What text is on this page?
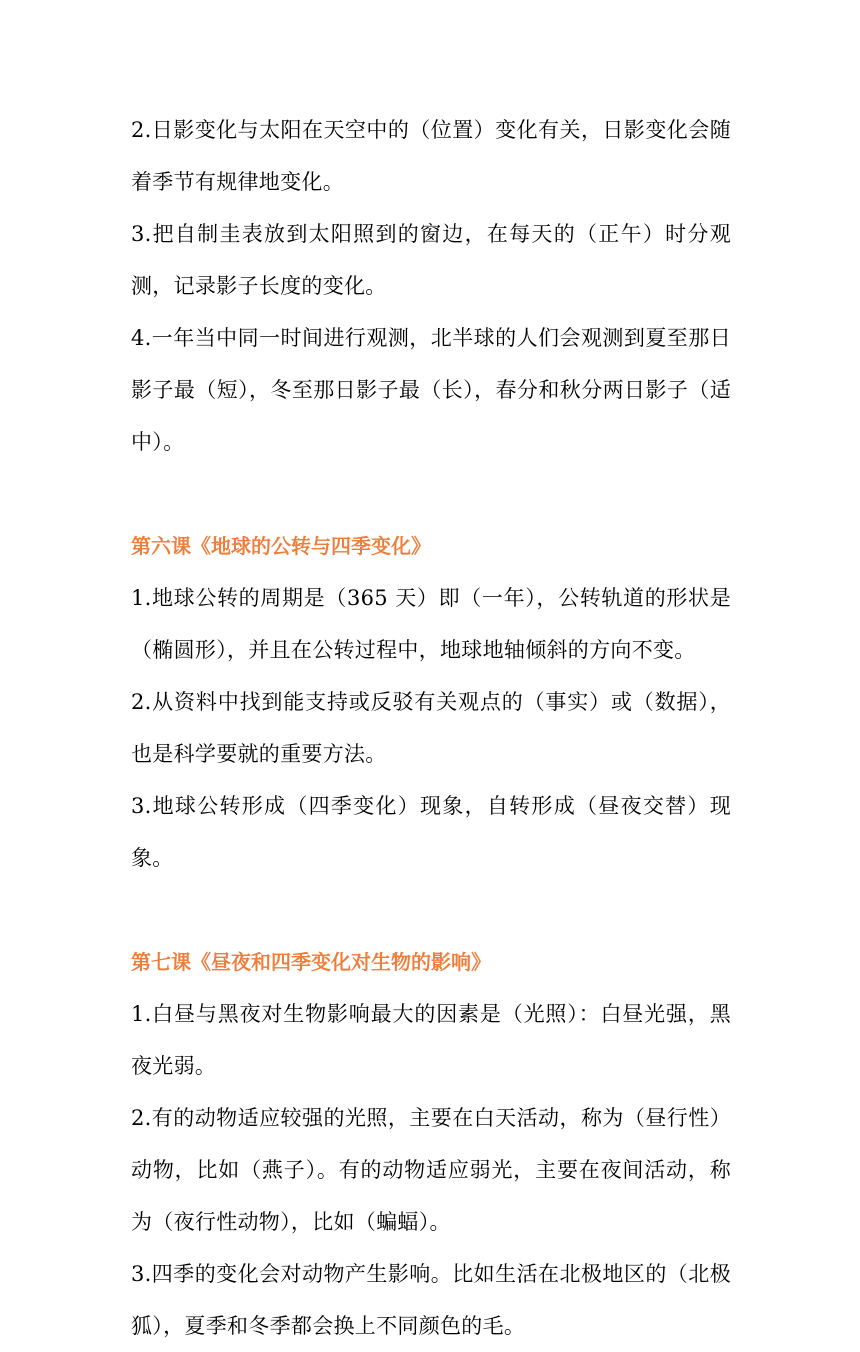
2.日影变化与太阳在天空中的（位置）变化有关，日影变化会随着季节有规律地变化。

3.把自制圭表放到太阳照到的窗边，在每天的（正午）时分观测，记录影子长度的变化。

4.一年当中同一时间进行观测，北半球的人们会观测到夏至那日影子最（短），冬至那日影子最（长），春分和秋分两日影子（适中）。

第六课《地球的公转与四季变化》

1.地球公转的周期是（365 天）即（一年），公转轨道的形状是（椭圆形），并且在公转过程中，地球地轴倾斜的方向不变。

2.从资料中找到能支持或反驳有关观点的（事实）或（数据），也是科学要就的重要方法。

3.地球公转形成（四季变化）现象，自转形成（昼夜交替）现象。

第七课《昼夜和四季变化对生物的影响》

1.白昼与黑夜对生物影响最大的因素是（光照）：白昼光强，黑夜光弱。

2.有的动物适应较强的光照，主要在白天活动，称为（昼行性）动物，比如（燕子）。有的动物适应弱光，主要在夜间活动，称为（夜行性动物），比如（蝙蝠）。

3.四季的变化会对动物产生影响。比如生活在北极地区的（北极狐），夏季和冬季都会换上不同颜色的毛。
